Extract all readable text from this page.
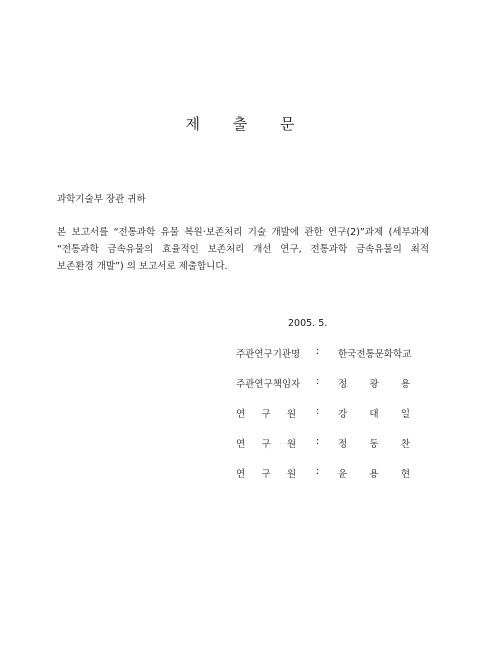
제 출 문
과학기술부 장관 귀하
본 보고서를 “전통과학 유물 복원·보존처리 기술 개발에 관한 연구(2)”과제 (세부과제
“전통과학 금속유물의 효율적인 보존처리 개선 연구, 전통과학 금속유물의 최적
보존환경 개발”) 의 보고서로 제출합니다.
2005. 5.
주관연구기관명	: 한국전통문화학교
주관연구책임자	: 정 광 용
연 구 원 : 강 대 일
연 구 원 : 정 동 찬
연 구 원 : 윤 용 현
